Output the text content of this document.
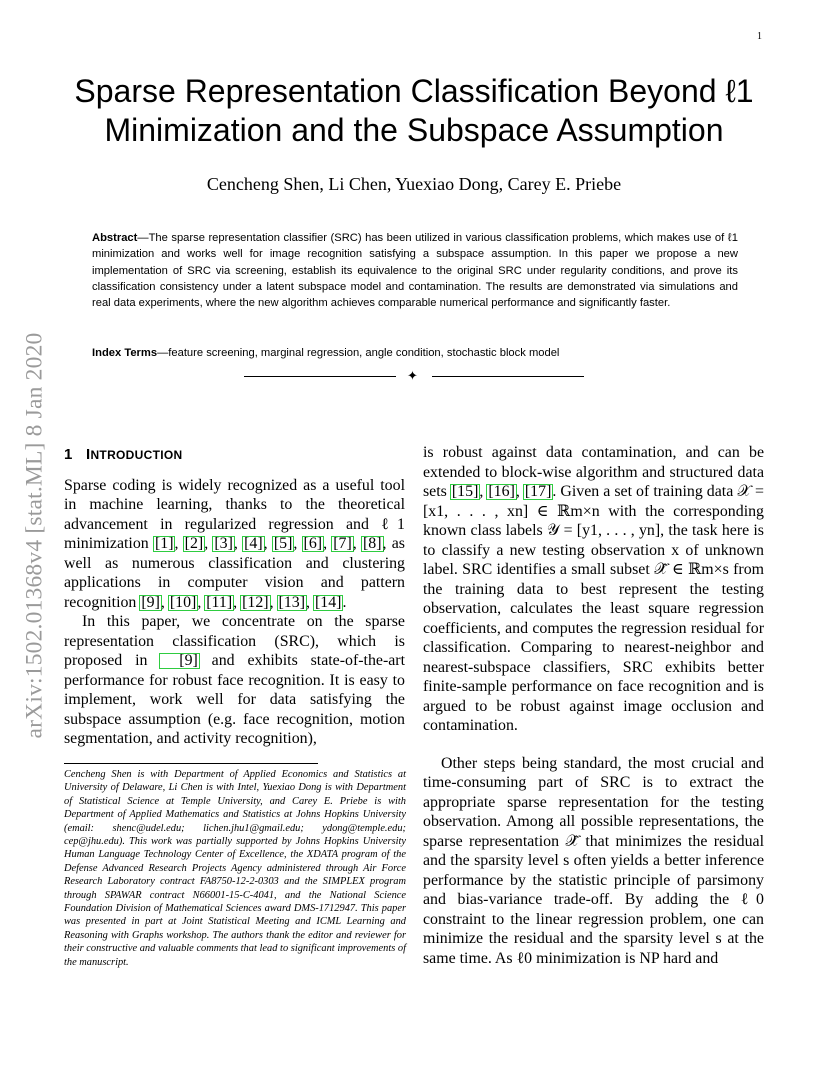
1
arXiv:1502.01368v4 [stat.ML] 8 Jan 2020
Sparse Representation Classification Beyond ℓ1
Minimization and the Subspace Assumption
Cencheng Shen, Li Chen, Yuexiao Dong, Carey E. Priebe
Abstract—The sparse representation classifier (SRC) has been utilized in various classification problems, which makes use of ℓ1 minimization and works well for image recognition satisfying a subspace assumption. In this paper we propose a new implementation of SRC via screening, establish its equivalence to the original SRC under regularity conditions, and prove its classification consistency under a latent subspace model and contamination. The results are demonstrated via simulations and real data experiments, where the new algorithm achieves comparable numerical performance and significantly faster.
Index Terms—feature screening, marginal regression, angle condition, stochastic block model
✦
1 INTRODUCTION

Sparse coding is widely recognized as a useful tool in machine learning, thanks to the theoretical advancement in regularized regression and ℓ1 minimization [1], [2], [3], [4], [5], [6], [7], [8], as well as numerous classification and clustering applications in computer vision and pattern recognition [9], [10], [11], [12], [13], [14].

In this paper, we concentrate on the sparse representation classification (SRC), which is proposed in [9] and exhibits state-of-the-art performance for robust face recognition. It is easy to implement, work well for data satisfying the subspace assumption (e.g. face recognition, motion segmentation, and activity recognition),

Cencheng Shen is with Department of Applied Economics and Statistics at University of Delaware, Li Chen is with Intel, Yuexiao Dong is with Department of Statistical Science at Temple University, and Carey E. Priebe is with Department of Applied Mathematics and Statistics at Johns Hopkins University (email: shenc@udel.edu; lichen.jhu1@gmail.edu; ydong@temple.edu; cep@jhu.edu). This work was partially supported by Johns Hopkins University Human Language Technology Center of Excellence, the XDATA program of the Defense Advanced Research Projects Agency administered through Air Force Research Laboratory contract FA8750-12-2-0303 and the SIMPLEX program through SPAWAR contract N66001-15-C-4041, and the National Science Foundation Division of Mathematical Sciences award DMS-1712947. This paper was presented in part at Joint Statistical Meeting and ICML Learning and Reasoning with Graphs workshop. The authors thank the editor and reviewer for their constructive and valuable comments that lead to significant improvements of the manuscript.

is robust against data contamination, and can be extended to block-wise algorithm and structured data sets [15], [16], [17]. Given a set of training data 𝒳 = [x1, . . . , xn] ∈ ℝm×n with the corresponding known class labels 𝒴 = [y1, . . . , yn], the task here is to classify a new testing observation x of unknown label. SRC identifies a small subset 𝒳̂ ∈ ℝm×s from the training data to best represent the testing observation, calculates the least square regression coefficients, and computes the regression residual for classification. Comparing to nearest-neighbor and nearest-subspace classifiers, SRC exhibits better finite-sample performance on face recognition and is argued to be robust against image occlusion and contamination.

Other steps being standard, the most crucial and time-consuming part of SRC is to extract the appropriate sparse representation for the testing observation. Among all possible representations, the sparse representation 𝒳̂ that minimizes the residual and the sparsity level s often yields a better inference performance by the statistic principle of parsimony and bias-variance trade-off. By adding the ℓ0 constraint to the linear regression problem, one can minimize the residual and the sparsity level s at the same time. As ℓ0 minimization is NP hard and
